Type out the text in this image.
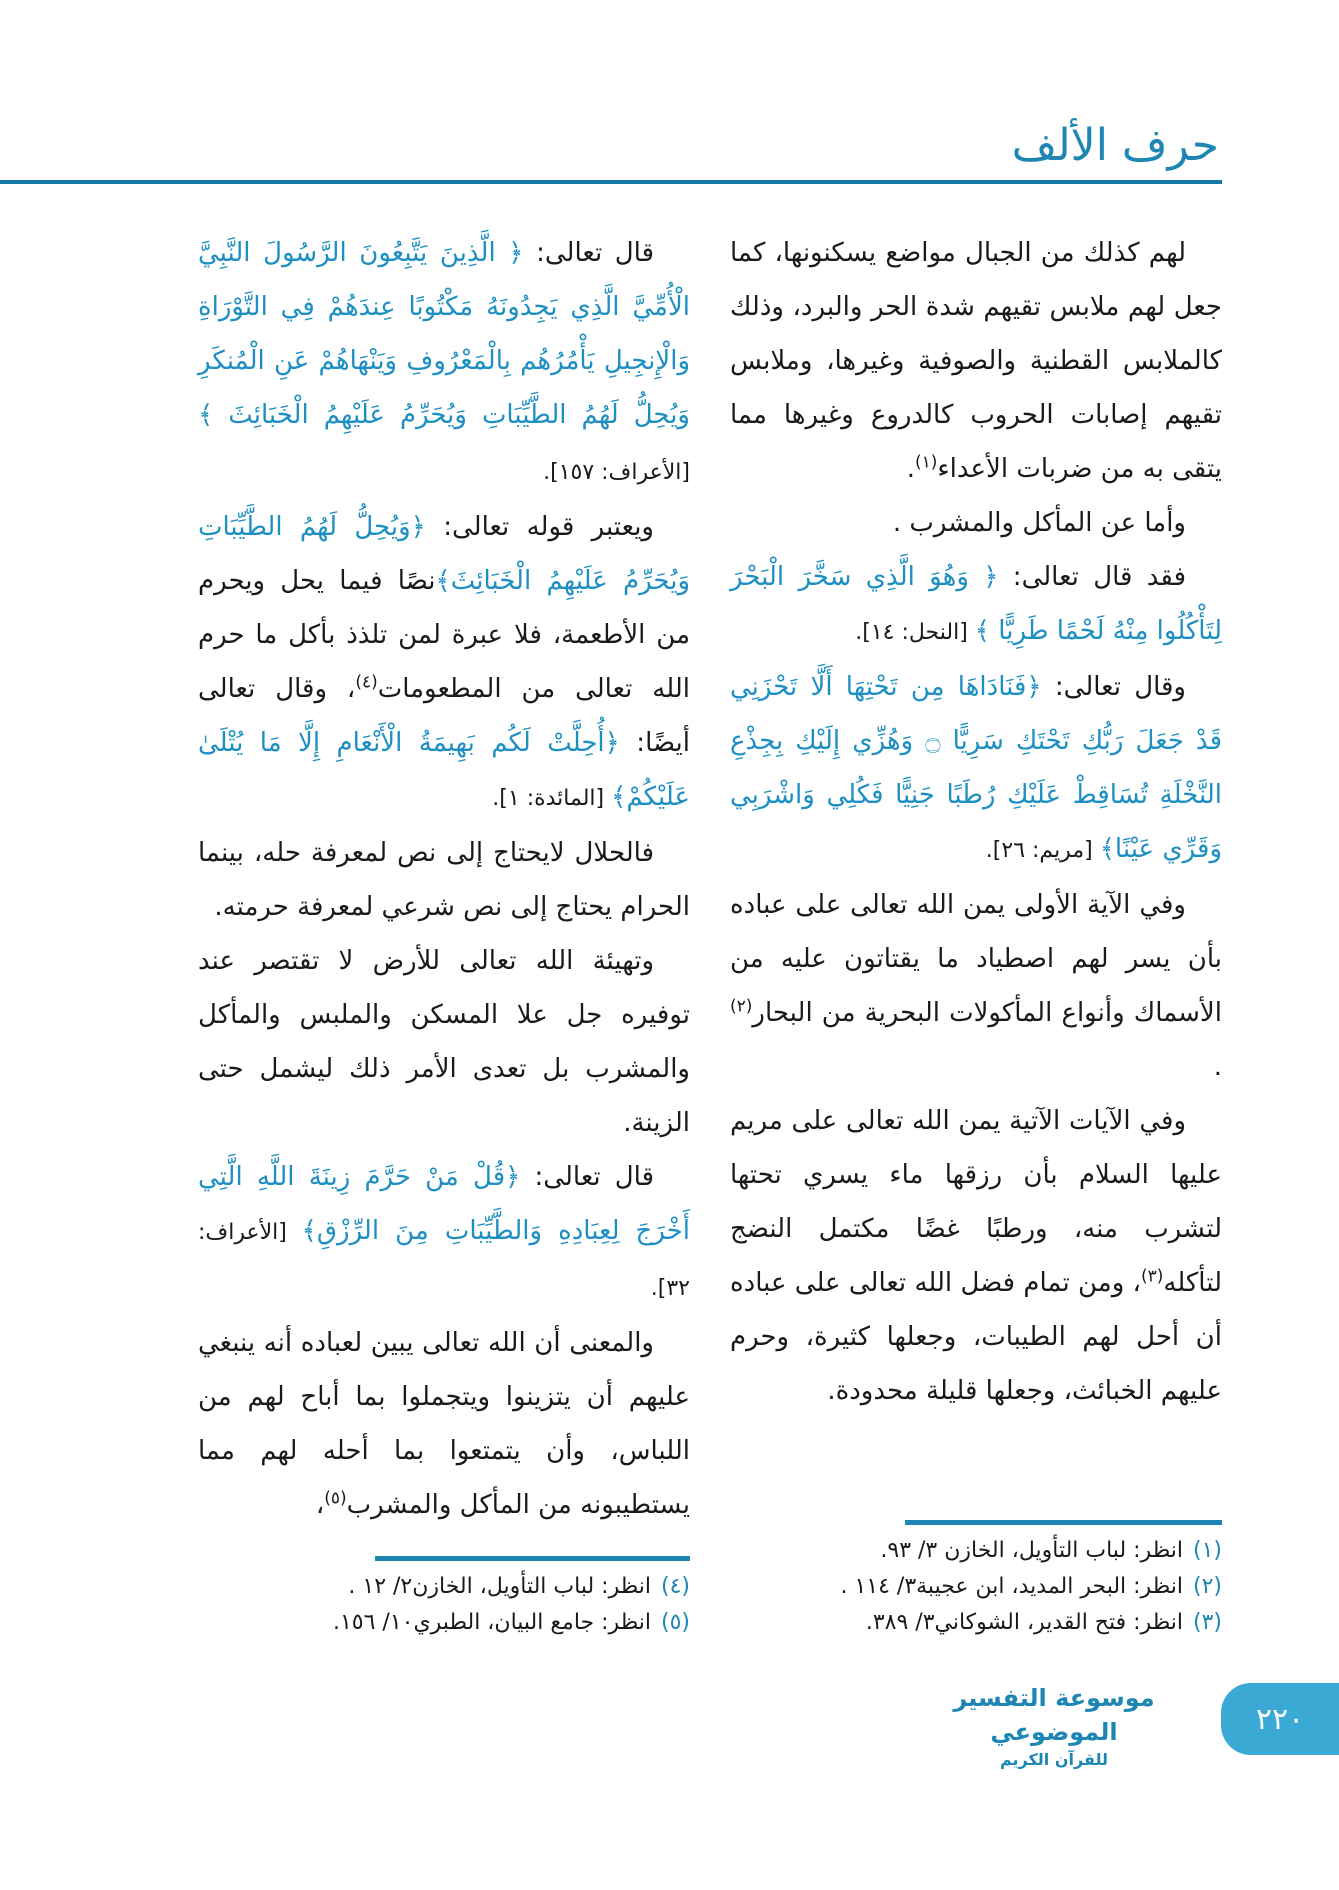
حرف الألف

لهم كذلك من الجبال مواضع يسكنونها، كما جعل لهم ملابس تقيهم شدة الحر والبرد، وذلك كالملابس القطنية والصوفية وغيرها، وملابس تقيهم إصابات الحروب كالدروع وغيرها مما يتقى به من ضربات الأعداء$^{(١)}$.

وأما عن المأكل والمشرب .

فقد قال تعالى: ﴿ وَهُوَ الَّذِي سَخَّرَ الْبَحْرَ لِتَأْكُلُوا مِنْهُ لَحْمًا طَرِيًّا ﴾ [النحل: ١٤].

وقال تعالى: ﴿فَنَادَاهَا مِن تَحْتِهَا أَلَّا تَحْزَنِي قَدْ جَعَلَ رَبُّكِ تَحْتَكِ سَرِيًّا ۝ وَهُزِّي إِلَيْكِ بِجِذْعِ النَّخْلَةِ تُسَاقِطْ عَلَيْكِ رُطَبًا جَنِيًّا فَكُلِي وَاشْرَبِي وَقَرِّي عَيْنًا﴾ [مريم: ٢٦].

وفي الآية الأولى يمن الله تعالى على عباده بأن يسر لهم اصطياد ما يقتاتون عليه من الأسماك وأنواع المأكولات البحرية من البحار$^{(٢)}$ .

وفي الآيات الآتية يمن الله تعالى على مريم عليها السلام بأن رزقها ماء يسري تحتها لتشرب منه، ورطبًا غضًا مكتمل النضج لتأكله$^{(٣)}$، ومن تمام فضل الله تعالى على عباده أن أحل لهم الطيبات، وجعلها كثيرة، وحرم عليهم الخبائث، وجعلها قليلة محدودة.

(١)انظر: لباب التأويل، الخازن ٣/ ٩٣.
(٢)انظر: البحر المديد، ابن عجيبة٣/ ١١٤ .
(٣)انظر: فتح القدير، الشوكاني٣/ ٣٨٩.

قال تعالى: ﴿ الَّذِينَ يَتَّبِعُونَ الرَّسُولَ النَّبِيَّ الْأُمِّيَّ الَّذِي يَجِدُونَهُ مَكْتُوبًا عِندَهُمْ فِي التَّوْرَاةِ وَالْإِنجِيلِ يَأْمُرُهُم بِالْمَعْرُوفِ وَيَنْهَاهُمْ عَنِ الْمُنكَرِ وَيُحِلُّ لَهُمُ الطَّيِّبَاتِ وَيُحَرِّمُ عَلَيْهِمُ الْخَبَائِثَ ﴾ [الأعراف: ١٥٧].

ويعتبر قوله تعالى: ﴿وَيُحِلُّ لَهُمُ الطَّيِّبَاتِ وَيُحَرِّمُ عَلَيْهِمُ الْخَبَائِثَ﴾نصًا فيما يحل ويحرم من الأطعمة، فلا عبرة لمن تلذذ بأكل ما حرم الله تعالى من المطعومات$^{(٤)}$، وقال تعالى أيضًا: ﴿أُحِلَّتْ لَكُم بَهِيمَةُ الْأَنْعَامِ إِلَّا مَا يُتْلَىٰ عَلَيْكُمْ﴾ [المائدة: ١].

فالحلال لايحتاج إلى نص لمعرفة حله، بينما الحرام يحتاج إلى نص شرعي لمعرفة حرمته.

وتهيئة الله تعالى للأرض لا تقتصر عند توفيره جل علا المسكن والملبس والمأكل والمشرب بل تعدى الأمر ذلك ليشمل حتى الزينة.

قال تعالى: ﴿قُلْ مَنْ حَرَّمَ زِينَةَ اللَّهِ الَّتِي أَخْرَجَ لِعِبَادِهِ وَالطَّيِّبَاتِ مِنَ الرِّزْقِ﴾ [الأعراف: ٣٢].

والمعنى أن الله تعالى يبين لعباده أنه ينبغي عليهم أن يتزينوا ويتجملوا بما أباح لهم من اللباس، وأن يتمتعوا بما أحله لهم مما يستطيبونه من المأكل والمشرب$^{(٥)}$،

(٤)انظر: لباب التأويل، الخازن٢/ ١٢ .
(٥)انظر: جامع البيان، الطبري١٠/ ١٥٦.
موسوعة التفسير الموضوعي
للقرآن الكريم
٢٢٠
